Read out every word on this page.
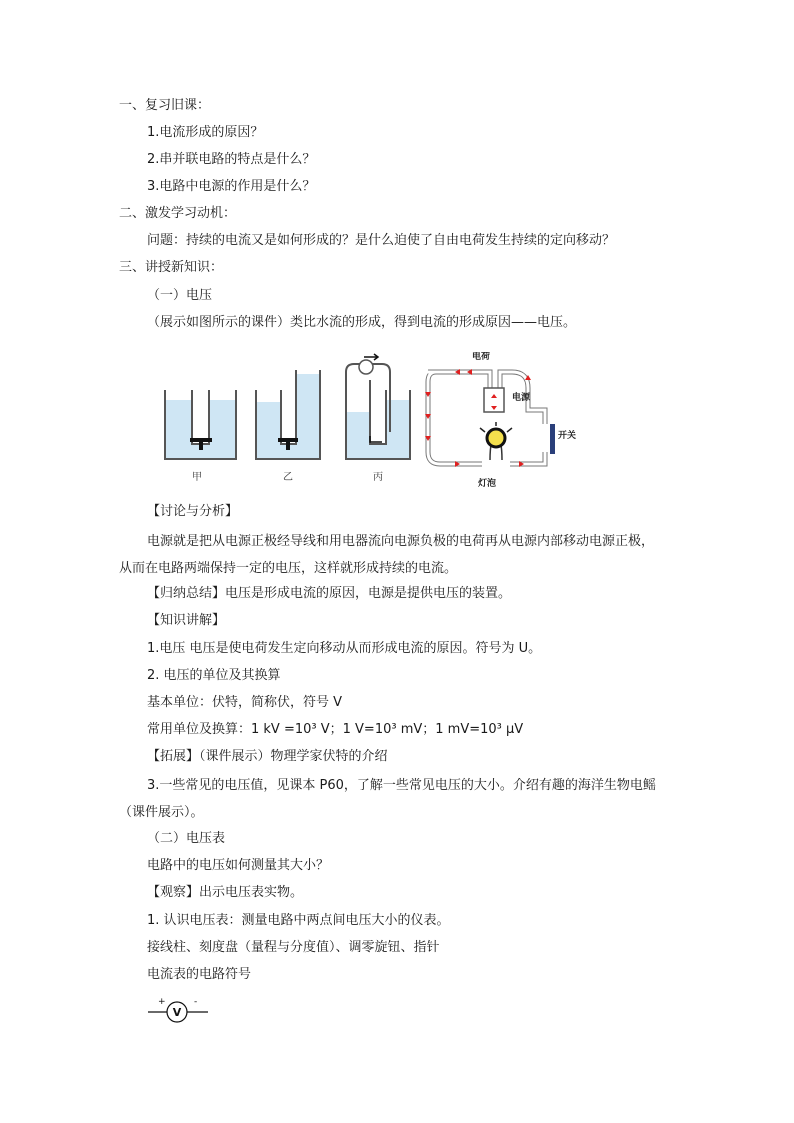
一、复习旧课：
1.电流形成的原因？
2.串并联电路的特点是什么？
3.电路中电源的作用是什么？
二、激发学习动机：
问题：持续的电流又是如何形成的？是什么迫使了自由电荷发生持续的定向移动？
三、讲授新知识：
（一）电压
（展示如图所示的课件）类比水流的形成，得到电流的形成原因——电压。
甲	乙	丙
电荷
电源
开关
灯泡
【讨论与分析】
电源就是把从电源正极经导线和用电器流向电源负极的电荷再从电源内部移动电源正极，从而在电路两端保持一定的电压，这样就形成持续的电流。
【归纳总结】电压是形成电流的原因，电源是提供电压的装置。
【知识讲解】
1.电压 电压是使电荷发生定向移动从而形成电流的原因。符号为 U。
2. 电压的单位及其换算
基本单位：伏特，简称伏，符号 V
常用单位及换算：1 kV =10³ V；1 V=10³ mV；1 mV=10³ μV
【拓展】（课件展示）物理学家伏特的介绍
3.一些常见的电压值，见课本 P60，了解一些常见电压的大小。介绍有趣的海洋生物电鳐（课件展示）。
（二）电压表
电路中的电压如何测量其大小？
【观察】出示电压表实物。
1. 认识电压表：测量电路中两点间电压大小的仪表。
接线柱、刻度盘（量程与分度值）、调零旋钮、指针
电流表的电路符号
+	-
V
